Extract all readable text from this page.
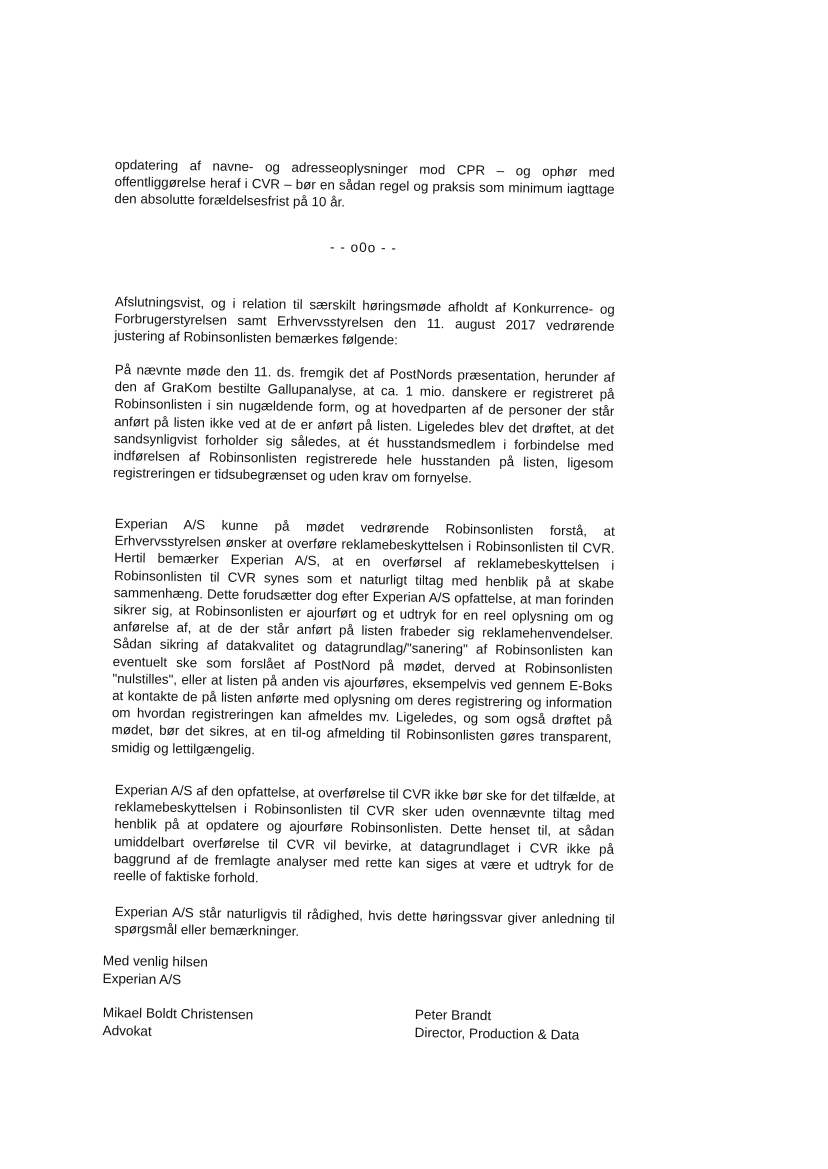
opdatering af navne- og adresseoplysninger mod CPR – og ophør med offentliggørelse heraf i CVR – bør en sådan regel og praksis som minimum iagttage den absolutte forældelsesfrist på 10 år.
- - o0o - -
Afslutningsvist, og i relation til særskilt høringsmøde afholdt af Konkurrence- og Forbrugerstyrelsen samt Erhvervsstyrelsen den 11. august 2017 vedrørende justering af Robinsonlisten bemærkes følgende:
På nævnte møde den 11. ds. fremgik det af PostNords præsentation, herunder af den af GraKom bestilte Gallupanalyse, at ca. 1 mio. danskere er registreret på Robinsonlisten i sin nugældende form, og at hovedparten af de personer der står anført på listen ikke ved at de er anført på listen. Ligeledes blev det drøftet, at det sandsynligvist forholder sig således, at ét husstandsmedlem i forbindelse med indførelsen af Robinsonlisten registrerede hele husstanden på listen, ligesom registreringen er tidsubegrænset og uden krav om fornyelse.
Experian A/S kunne på mødet vedrørende Robinsonlisten forstå, at Erhvervsstyrelsen ønsker at overføre reklamebeskyttelsen i Robinsonlisten til CVR. Hertil bemærker Experian A/S, at en overførsel af reklamebeskyttelsen i Robinsonlisten til CVR synes som et naturligt tiltag med henblik på at skabe sammenhæng. Dette forudsætter dog efter Experian A/S opfattelse, at man forinden sikrer sig, at Robinsonlisten er ajourført og et udtryk for en reel oplysning om og anførelse af, at de der står anført på listen frabeder sig reklamehenvendelser. Sådan sikring af datakvalitet og datagrundlag/"sanering" af Robinsonlisten kan eventuelt ske som forslået af PostNord på mødet, derved at Robinsonlisten "nulstilles", eller at listen på anden vis ajourføres, eksempelvis ved gennem E-Boks at kontakte de på listen anførte med oplysning om deres registrering og information om hvordan registreringen kan afmeldes mv. Ligeledes, og som også drøftet på mødet, bør det sikres, at en til-og afmelding til Robinsonlisten gøres transparent, smidig og lettilgængelig.
Experian A/S af den opfattelse, at overførelse til CVR ikke bør ske for det tilfælde, at reklamebeskyttelsen i Robinsonlisten til CVR sker uden ovennævnte tiltag med henblik på at opdatere og ajourføre Robinsonlisten. Dette henset til, at sådan umiddelbart overførelse til CVR vil bevirke, at datagrundlaget i CVR ikke på baggrund af de fremlagte analyser med rette kan siges at være et udtryk for de reelle of faktiske forhold.
Experian A/S står naturligvis til rådighed, hvis dette høringssvar giver anledning til spørgsmål eller bemærkninger.
Med venlig hilsen
Experian A/S
Mikael Boldt Christensen
Advokat
Peter Brandt
Director, Production & Data
